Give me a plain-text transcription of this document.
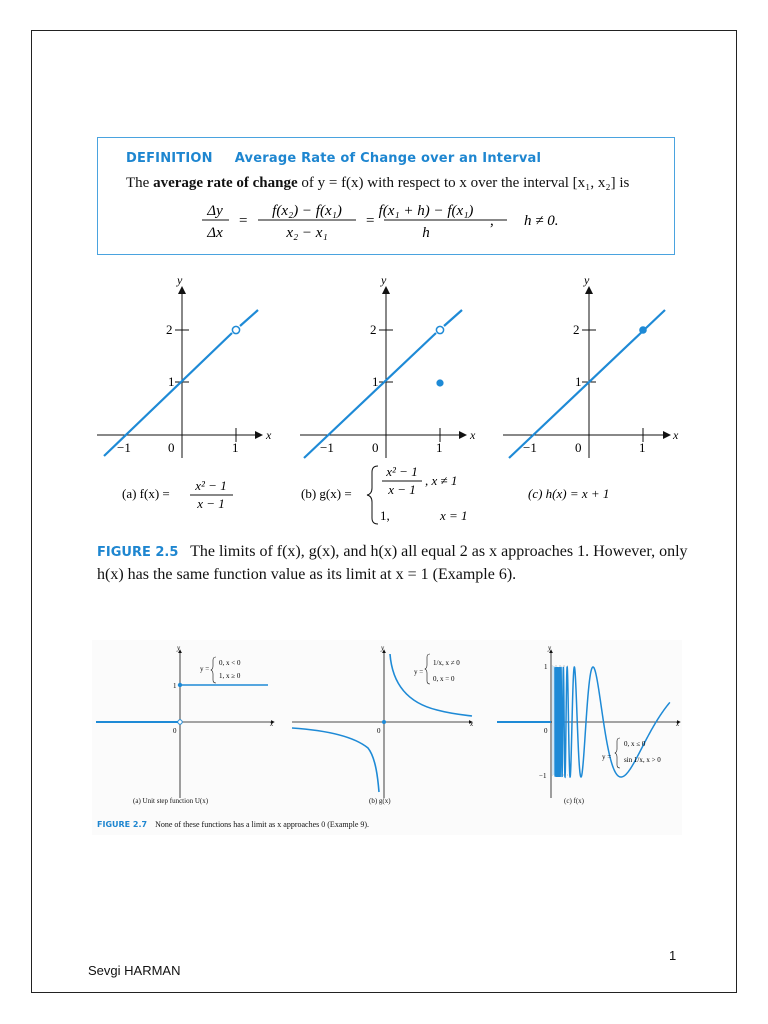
DEFINITION Average Rate of Change over an Interval
The average rate of change of y = f(x) with respect to x over the interval [x₁, x₂] is
Δy
Δx
=
f(x₂) − f(x₁)
x₂ − x₁
=
f(x₁ + h) − f(x₁)
h
, h ≠ 0.
x
y
2
1
0
−1	1
x
y
2
1
0
−1	1
x
y
2
1
0
−1	1
(a) f(x) =
x² − 1
x − 1
(b) g(x) =
x² − 1
x − 1
, x ≠ 1
1,	x = 1
(c) h(x) = x + 1
FIGURE 2.5 The limits of f(x), g(x), and h(x) all equal 2 as x approaches 1. However, only h(x) has the same function value as its limit at x = 1 (Example 6).
x
y
1
0
y =
0, x < 0
1, x ≥ 0
x
y
0
y =
1/x, x ≠ 0
0, x = 0
x
y
1
0
−1
y =
0, x ≤ 0
sin 1/x, x > 0
(a) Unit step function U(x)	(b) g(x)	(c) f(x)
FIGURE 2.7 None of these functions has a limit as x approaches 0 (Example 9).
1
Sevgi HARMAN
